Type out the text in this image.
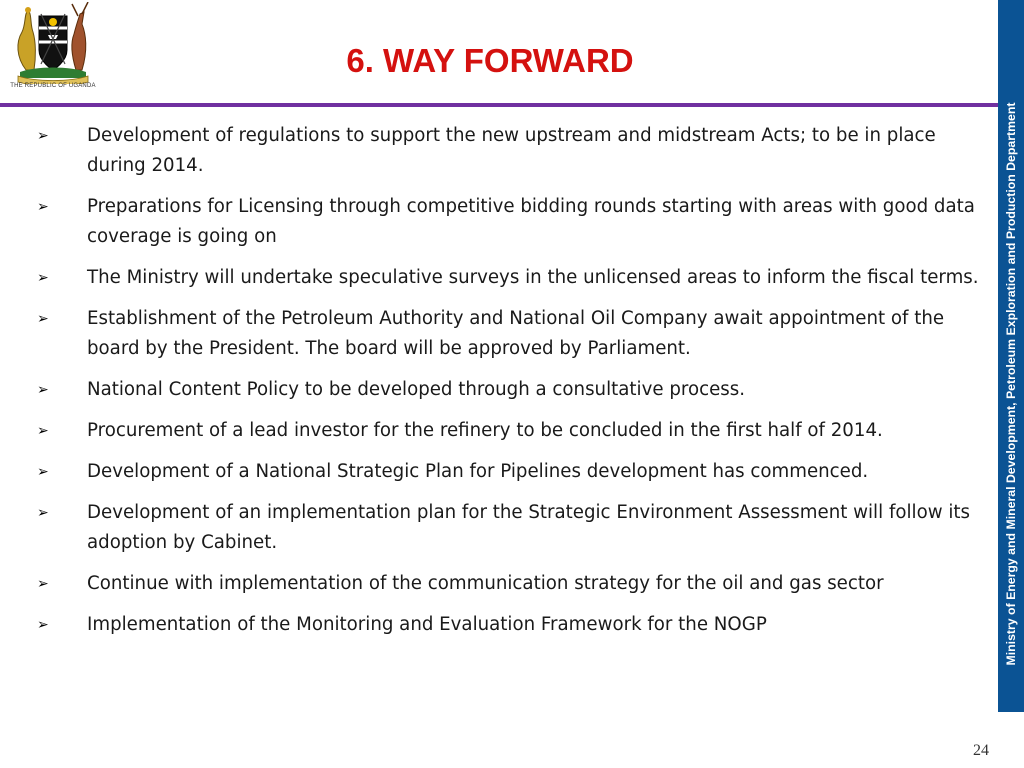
THE REPUBLIC OF UGANDA
6. WAY FORWARD
Ministry of Energy and Mineral Development, Petroleum Exploration and Production Department
➢ Development of regulations to support the new upstream and midstream Acts; to be in place during 2014.
➢ Preparations for Licensing through competitive bidding rounds starting with areas with good data coverage is going on
➢ The Ministry will undertake speculative surveys in the unlicensed areas to inform the fiscal terms.
➢ Establishment of the Petroleum Authority and National Oil Company await appointment of the board by the President. The board will be approved by Parliament.
➢ National Content Policy to be developed through a consultative process.
➢ Procurement of a lead investor for the refinery to be concluded in the first half of 2014.
➢ Development of a National Strategic Plan for Pipelines development has commenced.
➢ Development of an implementation plan for the Strategic Environment Assessment will follow its adoption by Cabinet.
➢ Continue with implementation of the communication strategy for the oil and gas sector
➢ Implementation of the Monitoring and Evaluation Framework for the NOGP
24
